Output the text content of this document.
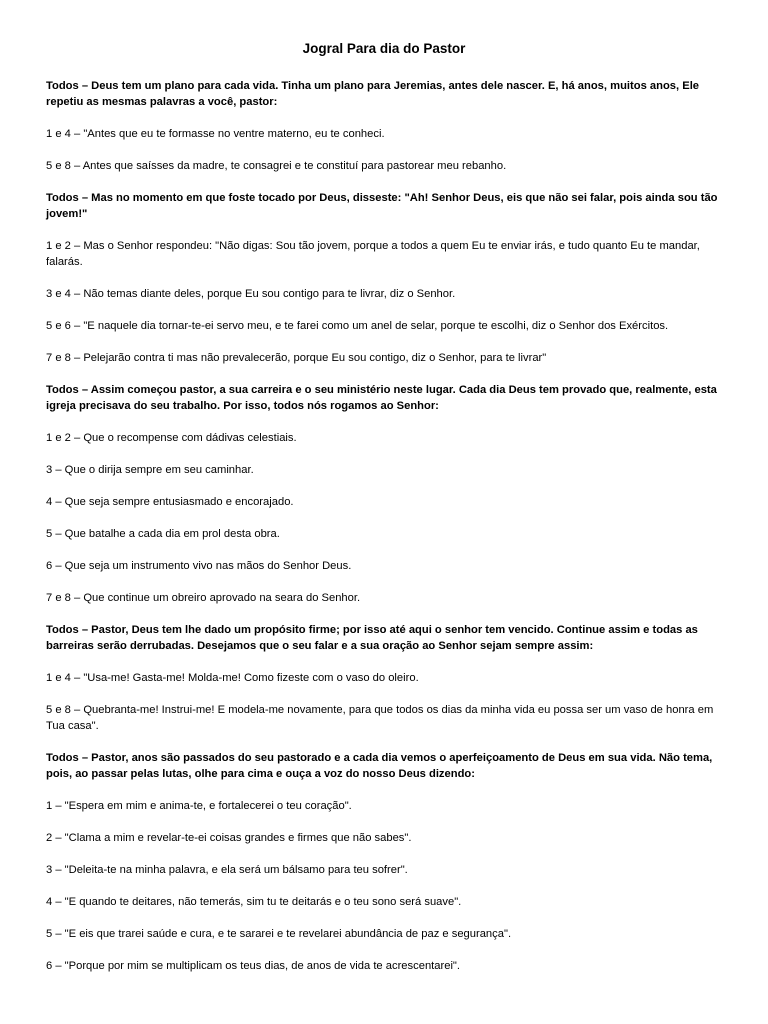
Jogral Para dia do Pastor

Todos – Deus tem um plano para cada vida. Tinha um plano para Jeremias, antes dele nascer. E, há anos, muitos anos, Ele repetiu as mesmas palavras a você, pastor:

1 e 4 – "Antes que eu te formasse no ventre materno, eu te conheci.

5 e 8 – Antes que saísses da madre, te consagrei e te constituí para pastorear meu rebanho.

Todos – Mas no momento em que foste tocado por Deus, disseste: "Ah! Senhor Deus, eis que não sei falar, pois ainda sou tão jovem!"

1 e 2 – Mas o Senhor respondeu: "Não digas: Sou tão jovem, porque a todos a quem Eu te enviar irás, e tudo quanto Eu te mandar, falarás.

3 e 4 – Não temas diante deles, porque Eu sou contigo para te livrar, diz o Senhor.

5 e 6 – "E naquele dia tornar-te-ei servo meu, e te farei como um anel de selar, porque te escolhi, diz o Senhor dos Exércitos.

7 e 8 – Pelejarão contra ti mas não prevalecerão, porque Eu sou contigo, diz o Senhor, para te livrar"

Todos – Assim começou pastor, a sua carreira e o seu ministério neste lugar. Cada dia Deus tem provado que, realmente, esta igreja precisava do seu trabalho. Por isso, todos nós rogamos ao Senhor:

1 e 2 – Que o recompense com dádivas celestiais.

3 – Que o dirija sempre em seu caminhar.

4 – Que seja sempre entusiasmado e encorajado.

5 – Que batalhe a cada dia em prol desta obra.

6 – Que seja um instrumento vivo nas mãos do Senhor Deus.

7 e 8 – Que continue um obreiro aprovado na seara do Senhor.

Todos – Pastor, Deus tem lhe dado um propósito firme; por isso até aqui o senhor tem vencido. Continue assim e todas as barreiras serão derrubadas. Desejamos que o seu falar e a sua oração ao Senhor sejam sempre assim:

1 e 4 – "Usa-me! Gasta-me! Molda-me! Como fizeste com o vaso do oleiro.

5 e 8 – Quebranta-me! Instrui-me! E modela-me novamente, para que todos os dias da minha vida eu possa ser um vaso de honra em Tua casa".

Todos – Pastor, anos são passados do seu pastorado e a cada dia vemos o aperfeiçoamento de Deus em sua vida. Não tema, pois, ao passar pelas lutas, olhe para cima e ouça a voz do nosso Deus dizendo:

1 – "Espera em mim e anima-te, e fortalecerei o teu coração".

2 – "Clama a mim e revelar-te-ei coisas grandes e firmes que não sabes".

3 – "Deleita-te na minha palavra, e ela será um bálsamo para teu sofrer".

4 – "E quando te deitares, não temerás, sim tu te deitarás e o teu sono será suave".

5 – "E eis que trarei saúde e cura, e te sararei e te revelarei abundância de paz e segurança".

6 – "Porque por mim se multiplicam os teus dias, de anos de vida te acrescentarei".
